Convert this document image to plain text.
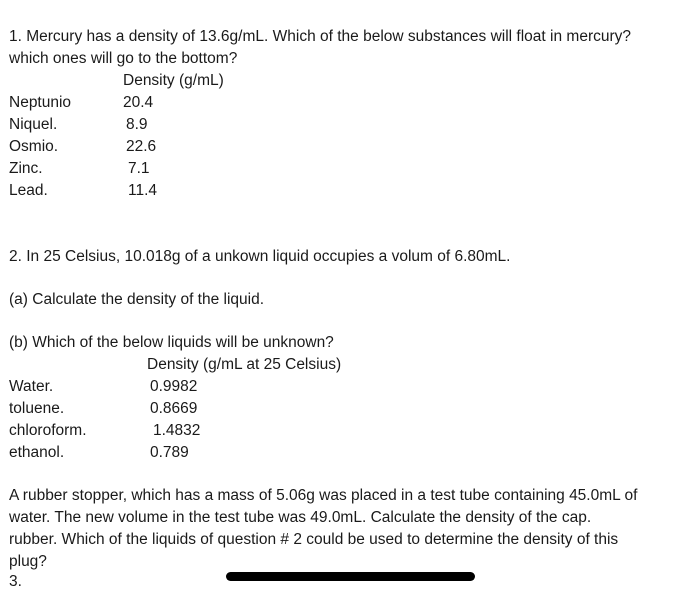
1. Mercury has a density of 13.6g/mL. Which of the below substances will float in mercury?
which ones will go to the bottom?
Density (g/mL)
Neptunio	20.4
Niquel.	8.9
Osmio.	22.6
Zinc.	7.1
Lead.	11.4
2. In 25 Celsius, 10.018g of a unkown liquid occupies a volum of 6.80mL.
(a) Calculate the density of the liquid.
(b) Which of the below liquids will be unknown?
Density (g/mL at 25 Celsius)
Water.	0.9982
toluene.	0.8669
chloroform.	1.4832
ethanol.	0.789
A rubber stopper, which has a mass of 5.06g was placed in a test tube containing 45.0mL of
water. The new volume in the test tube was 49.0mL. Calculate the density of the cap.
rubber. Which of the liquids of question # 2 could be used to determine the density of this
plug?
3.
